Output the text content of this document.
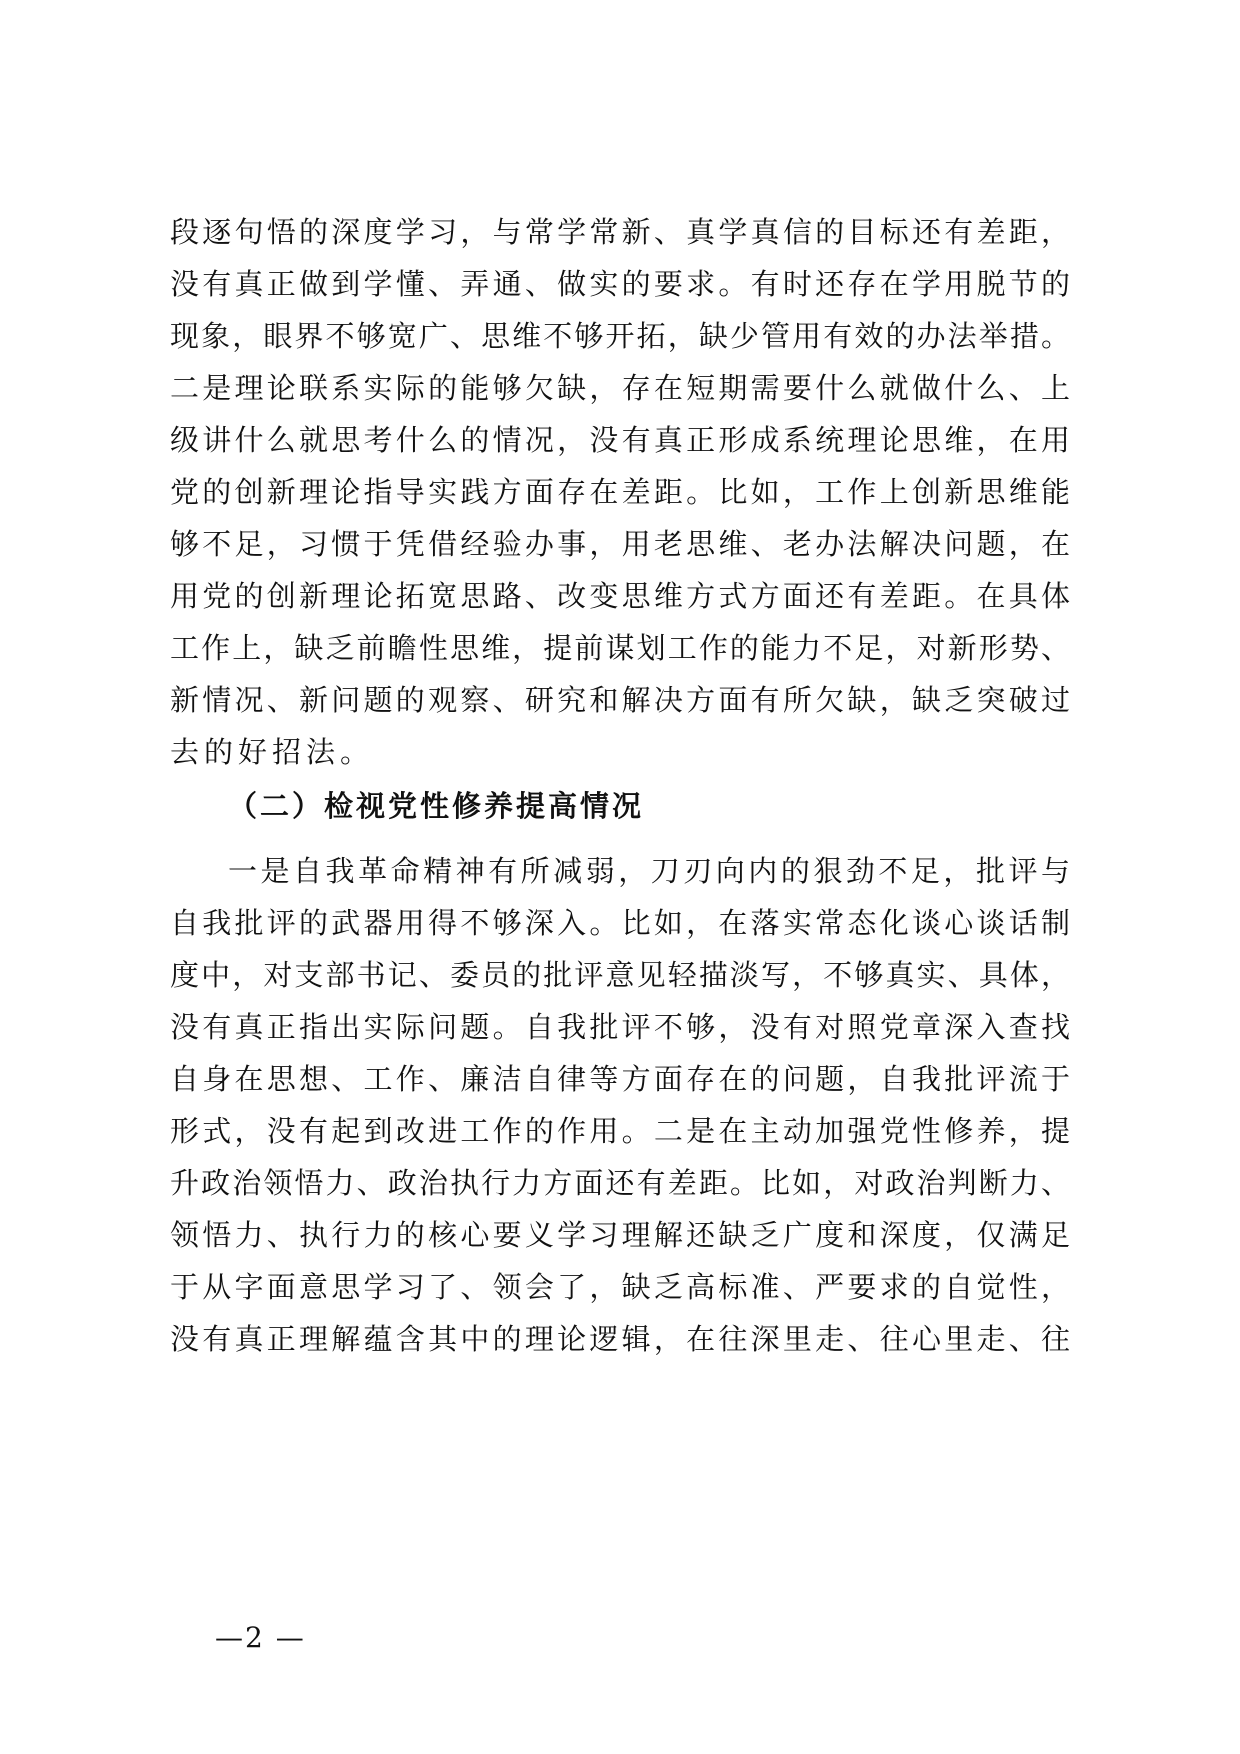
段逐句悟的深度学习，与常学常新、真学真信的目标还有差距，
没有真正做到学懂、弄通、做实的要求。有时还存在学用脱节的
现象，眼界不够宽广、思维不够开拓，缺少管用有效的办法举措。
二是理论联系实际的能够欠缺，存在短期需要什么就做什么、上
级讲什么就思考什么的情况，没有真正形成系统理论思维，在用
党的创新理论指导实践方面存在差距。比如，工作上创新思维能
够不足，习惯于凭借经验办事，用老思维、老办法解决问题，在
用党的创新理论拓宽思路、改变思维方式方面还有差距。在具体
工作上，缺乏前瞻性思维，提前谋划工作的能力不足，对新形势、
新情况、新问题的观察、研究和解决方面有所欠缺，缺乏突破过
去的好招法。
（二）检视党性修养提高情况
一是自我革命精神有所减弱，刀刃向内的狠劲不足，批评与
自我批评的武器用得不够深入。比如，在落实常态化谈心谈话制
度中，对支部书记、委员的批评意见轻描淡写，不够真实、具体，
没有真正指出实际问题。自我批评不够，没有对照党章深入查找
自身在思想、工作、廉洁自律等方面存在的问题，自我批评流于
形式，没有起到改进工作的作用。二是在主动加强党性修养，提
升政治领悟力、政治执行力方面还有差距。比如，对政治判断力、
领悟力、执行力的核心要义学习理解还缺乏广度和深度，仅满足
于从字面意思学习了、领会了，缺乏高标准、严要求的自觉性，
没有真正理解蕴含其中的理论逻辑，在往深里走、往心里走、往
—2 —
